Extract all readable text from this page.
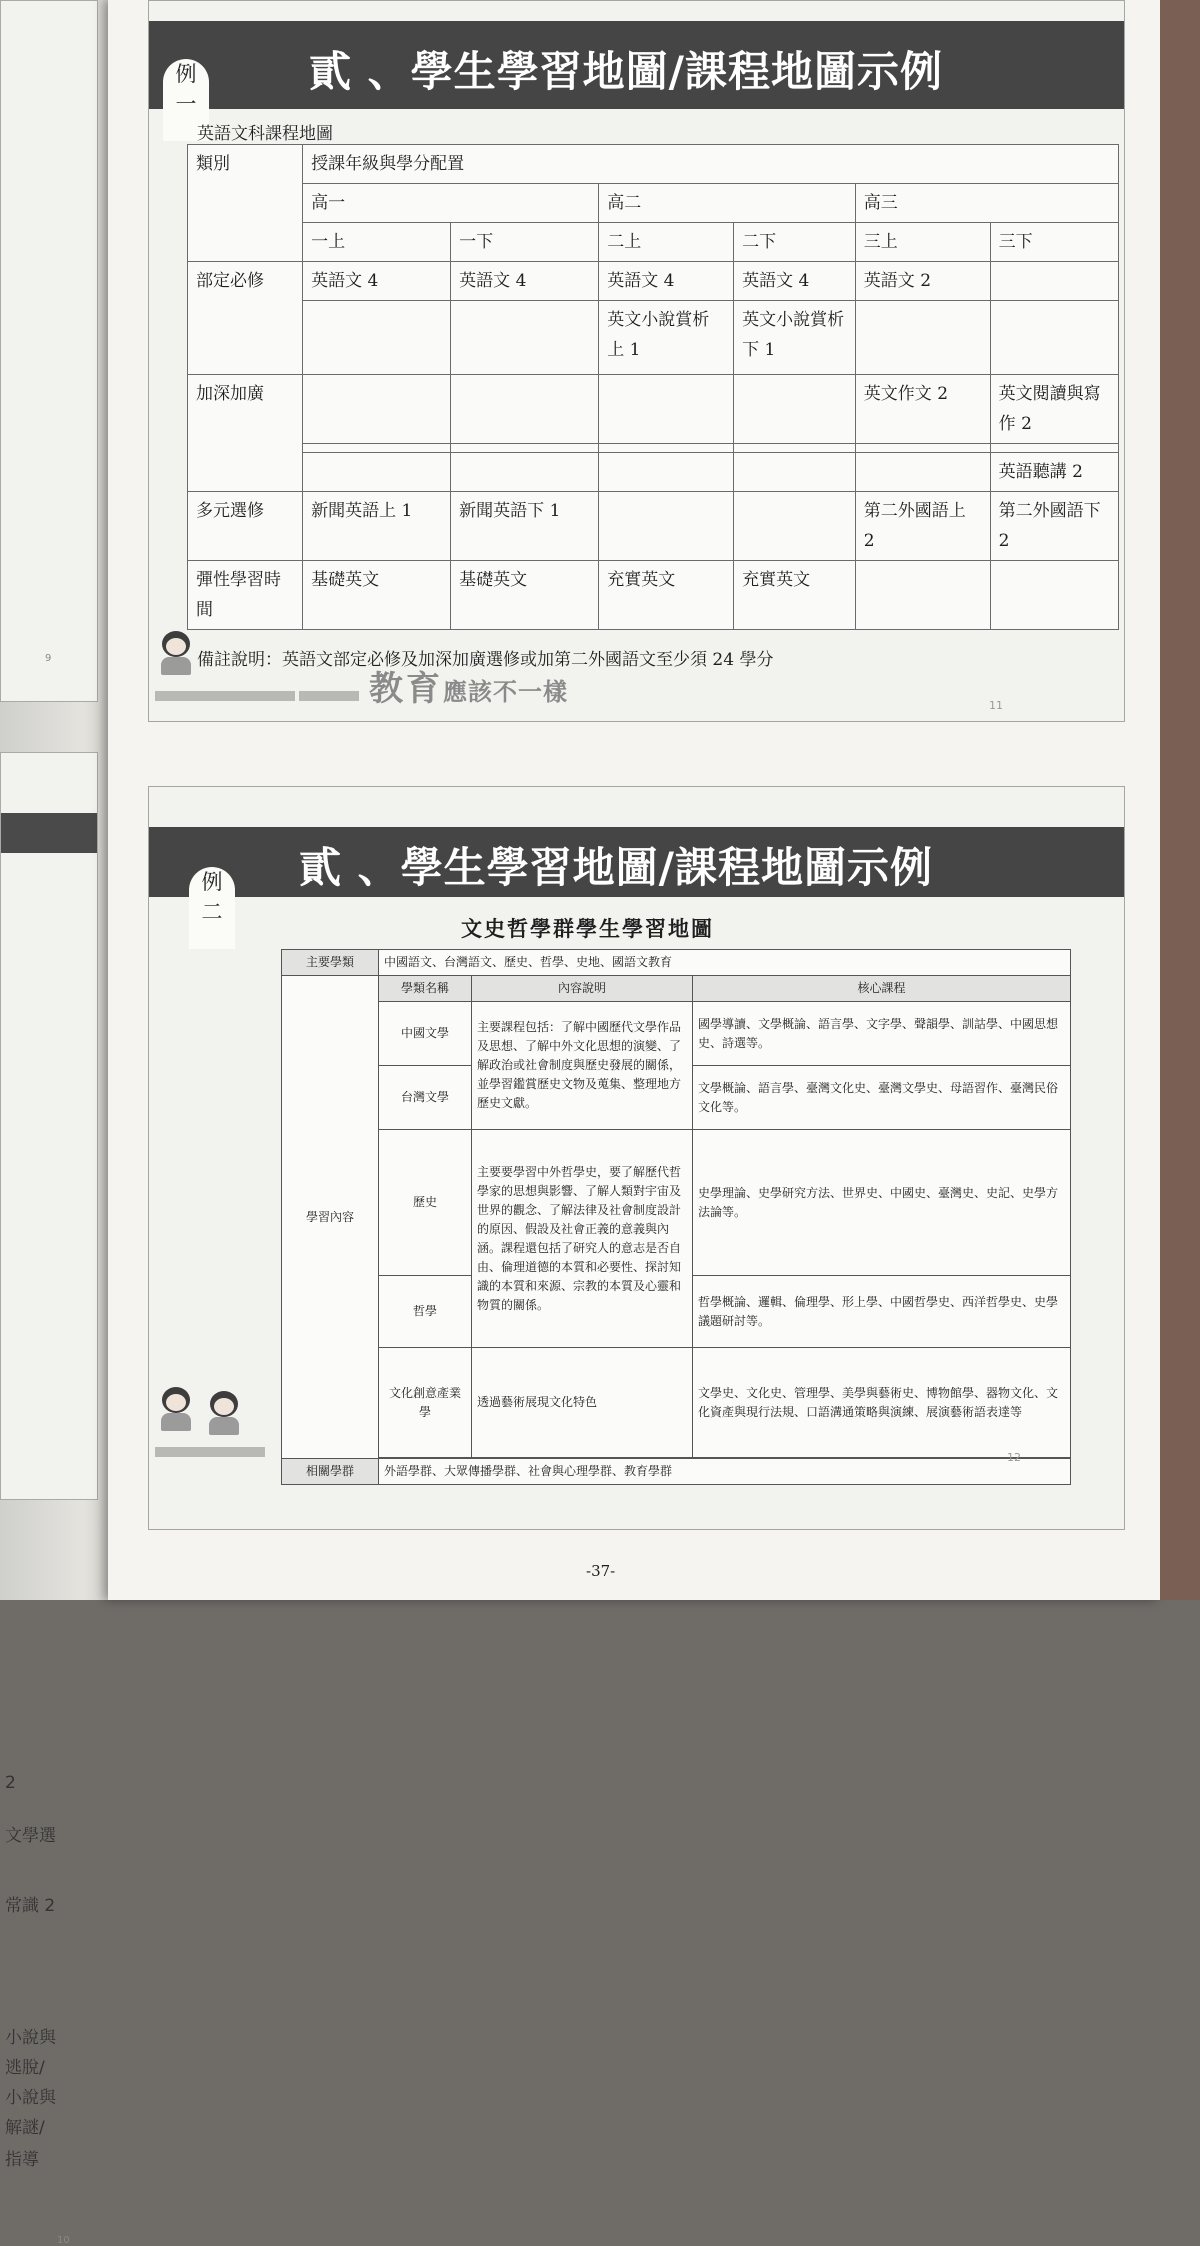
9
2
文學選
常識 2
小說與
逃脫/
小說與
解謎/
指導
10
貳 、學生學習地圖/課程地圖示例
例
一
英語文科課程地圖
類別	授課年級與學分配置					
	高一		高二		高三	
	一上	一下	二上	二下	三上	三下
部定必修	英語文 4	英語文 4	英語文 4	英語文 4	英語文 2	
			英文小說賞析上 1	英文小說賞析下 1		
加深加廣					英文作文 2	英文閱讀與寫作 2

						英語聽講 2
多元選修	新聞英語上 1	新聞英語下 1			第二外國語上 2	第二外國語下 2
彈性學習時間	基礎英文	基礎英文	充實英文	充實英文		
備註說明：英語文部定必修及加深加廣選修或加第二外國語文至少須 24 學分
教育應該不一樣	11
貳 、學生學習地圖/課程地圖示例
例
二
文史哲學群學生學習地圖
主要學類	中國語文、台灣語文、歷史、哲學、史地、國語文教育		
學習內容	學類名稱	內容說明	核心課程
	中國文學	主要課程包括：了解中國歷代文學作品及思想、了解中外文化思想的演變、了解政治或社會制度與歷史發展的關係，並學習鑑賞歷史文物及蒐集、整理地方歷史文獻。	國學導讀、文學概論、語言學、文字學、聲韻學、訓詁學、中國思想史、詩選等。
	台灣文學		文學概論、語言學、臺灣文化史、臺灣文學史、母語習作、臺灣民俗文化等。
	歷史	主要要學習中外哲學史，要了解歷代哲學家的思想與影響、了解人類對宇宙及世界的觀念、了解法律及社會制度設計的原因、假設及社會正義的意義與內涵。課程還包括了研究人的意志是否自由、倫理道德的本質和必要性、探討知識的本質和來源、宗教的本質及心靈和物質的關係。	史學理論、史學研究方法、世界史、中國史、臺灣史、史記、史學方法論等。
	哲學		哲學概論、邏輯、倫理學、形上學、中國哲學史、西洋哲學史、史學議題研討等。
	文化創意產業學	透過藝術展現文化特色	文學史、文化史、管理學、美學與藝術史、博物館學、器物文化、文化資產與現行法規、口語溝通策略與演練、展演藝術語表達等

相關學群	外語學群、大眾傳播學群、社會與心理學群、教育學群		
12
-37-
